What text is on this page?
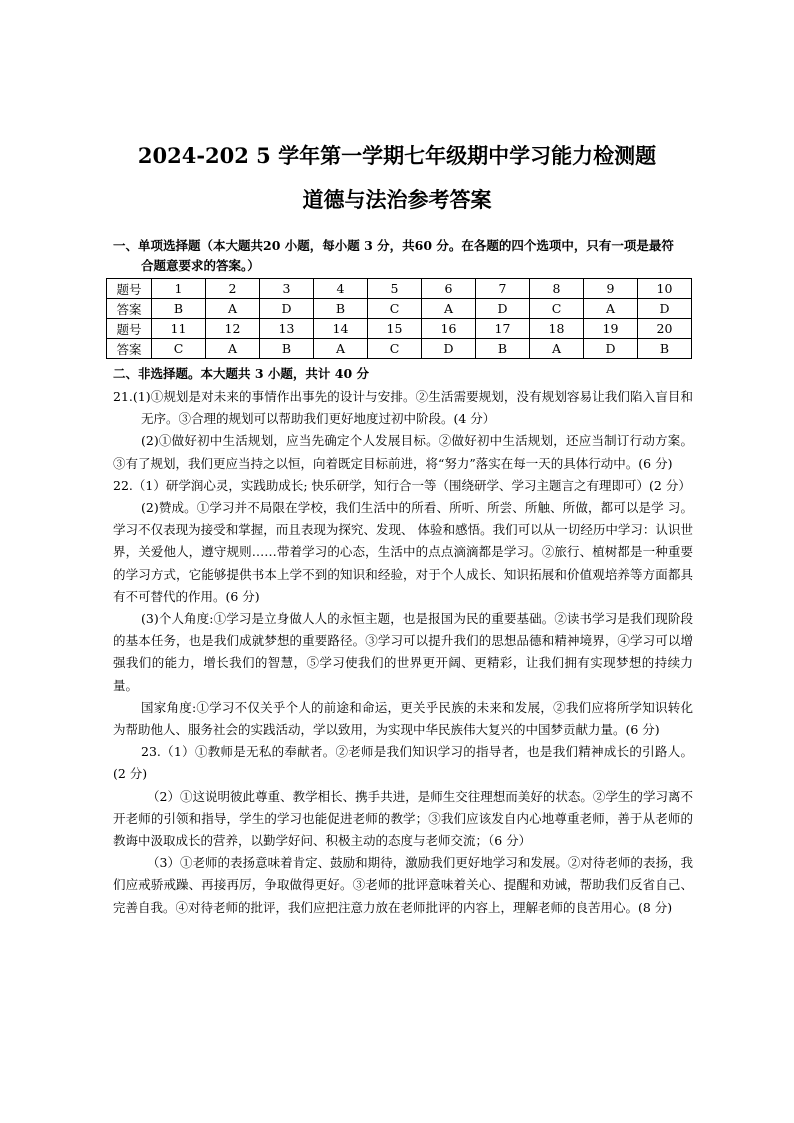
2024-202 5 学年第一学期七年级期中学习能力检测题
道德与法治参考答案
一、单项选择题（本大题共20 小题，每小题 3 分，共60 分。在各题的四个选项中，只有一项是最符
合题意要求的答案。）
题号	1	2	3	4	5	6	7	8	9	10
答案	B	A	D	B	C	A	D	C	A	D
题号	11	12	13	14	15	16	17	18	19	20
答案	C	A	B	A	C	D	B	A	D	B
二、非选择题。本大题共 3 小题，共计 40 分

21.(1)①规划是对未来的事情作出事先的设计与安排。②生活需要规划，没有规划容易让我们陷入盲目和无序。③合理的规划可以帮助我们更好地度过初中阶段。(4 分）

(2)①做好初中生活规划，应当先确定个人发展目标。②做好初中生活规划，还应当制订行动方案。③有了规划，我们更应当持之以恒，向着既定目标前进，将“努力”落实在每一天的具体行动中。(6 分)

22.（1）研学润心灵，实践助成长; 快乐研学，知行合一等（围绕研学、学习主题言之有理即可）(2 分）

(2)赞成。①学习并不局限在学校，我们生活中的所看、所听、所尝、所触、所做，都可以是学 习。学习不仅表现为接受和掌握，而且表现为探究、发现、 体验和感悟。我们可以从一切经历中学习：认识世界，关爱他人，遵守规则……带着学习的心态，生活中的点点滴滴都是学习。②旅行、植树都是一种重要的学习方式，它能够提供书本上学不到的知识和经验，对于个人成长、知识拓展和价值观培养等方面都具有不可替代的作用。(6 分)

(3)个人角度:①学习是立身做人人的永恒主题，也是报国为民的重要基础。②读书学习是我们现阶段的基本任务，也是我们成就梦想的重要路径。③学习可以提升我们的思想品德和精神境界，④学习可以增强我们的能力，增长我们的智慧，⑤学习使我们的世界更开阔、更精彩，让我们拥有实现梦想的持续力量。

国家角度:①学习不仅关乎个人的前途和命运，更关乎民族的未来和发展，②我们应将所学知识转化为帮助他人、服务社会的实践活动，学以致用，为实现中华民族伟大复兴的中国梦贡献力量。(6 分)

23.（1）①教师是无私的奉献者。②老师是我们知识学习的指导者，也是我们精神成长的引路人。(2 分)

（2）①这说明彼此尊重、教学相长、携手共进，是师生交往理想而美好的状态。②学生的学习离不开老师的引领和指导，学生的学习也能促进老师的教学；③我们应该发自内心地尊重老师，善于从老师的教诲中汲取成长的营养，以勤学好问、积极主动的态度与老师交流；（6 分）

（3）①老师的表扬意味着肯定、鼓励和期待，激励我们更好地学习和发展。②对待老师的表扬，我们应戒骄戒躁、再接再厉，争取做得更好。③老师的批评意味着关心、提醒和劝诫，帮助我们反省自己、完善自我。④对待老师的批评，我们应把注意力放在老师批评的内容上，理解老师的良苦用心。(8 分)
